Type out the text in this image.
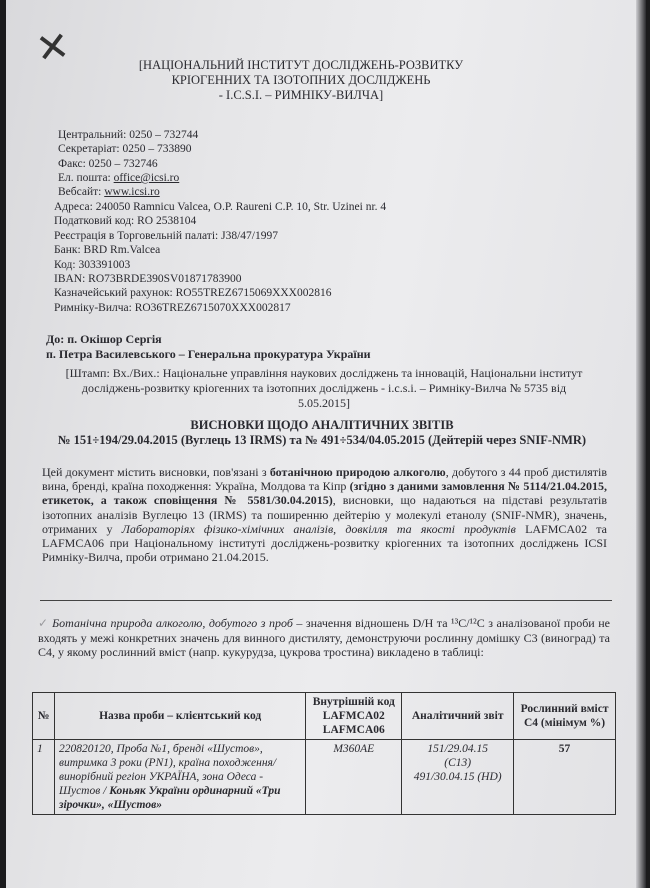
✕	[НАЦІОНАЛЬНИЙ ІНСТИТУТ ДОСЛІДЖЕНЬ-РОЗВИТКУ
КРІОГЕННИХ ТА ІЗОТОПНИХ ДОСЛІДЖЕНЬ
- I.C.S.I. – РИМНІКУ-ВИЛЧА]
Центральний: 0250 – 732744
Секретаріат: 0250 – 733890
Факс: 0250 – 732746
Ел. пошта: office@icsi.ro
Вебсайт: www.icsi.ro
Адреса: 240050 Ramnicu Valcea, O.P. Raureni C.P. 10, Str. Uzinei nr. 4
Податковий код: RO 2538104
Реєстрація в Торговельній палаті: J38/47/1997
Банк: BRD Rm.Valcea
Код: 303391003
IBAN: RO73BRDE390SV01871783900
Казначейський рахунок: RO55TREZ6715069XXX002816
Римніку-Вилча: RO36TREZ6715070XXX002817
До: п. Окішор Сергія
п. Петра Василевського – Генеральна прокуратура України
[Штамп: Вх./Вих.: Національне управління наукових досліджень та інновацій, Національни інститут досліджень-розвитку кріогенних та ізотопних досліджень - i.c.s.i. – Римніку-Вилча № 5735 від 5.05.2015]
ВИСНОВКИ ЩОДО АНАЛІТИЧНИХ ЗВІТІВ
№ 151÷194/29.04.2015 (Вуглець 13 IRMS) та № 491÷534/04.05.2015 (Дейтерій через SNIF-NMR)
Цей документ містить висновки, пов'язані з ботанічною природою алкоголю, добутого з 44 проб дистилятів вина, бренді, країна походження: Україна, Молдова та Кіпр (згідно з даними замовлення № 5114/21.04.2015, етикеток, а також сповіщення № 5581/30.04.2015), висновки, що надаються на підставі результатів ізотопних аналізів Вуглецю 13 (IRMS) та поширенню дейтерію у молекулі етанолу (SNIF-NMR), значень, отриманих у Лабораторіях фізико-хімічних аналізів, довкілля та якості продуктів LAFMCA02 та LAFMCA06 при Національному інституті досліджень-розвитку кріогенних та ізотопних досліджень ICSI Римніку-Вилча, проби отримано 21.04.2015.
✓ Ботанічна природа алкоголю, добутого з проб – значення відношень D/H та ¹³C/¹²C з аналізованої проби не входять у межі конкретних значень для винного дистиляту, демонструючи рослинну домішку С3 (виноград) та С4, у якому рослинний вміст (напр. кукурудза, цукрова тростина) викладено в таблиці:
№	Назва проби – клієнтський код	Внутрішній код LAFMCA02 LAFMCA06	Аналітичний звіт	Рослинний вміст С4 (мінімум %)
1	220820120, Проба №1, бренді «Шустов», витримка 3 роки (PN1), країна походження/ винорібний регіон УКРАЇНА, зона Одеса - Шустов / Коньяк України ординарний «Три зірочки», «Шустов»	M360AE	151/29.04.15
(C13)
491/30.04.15 (HD)	57
